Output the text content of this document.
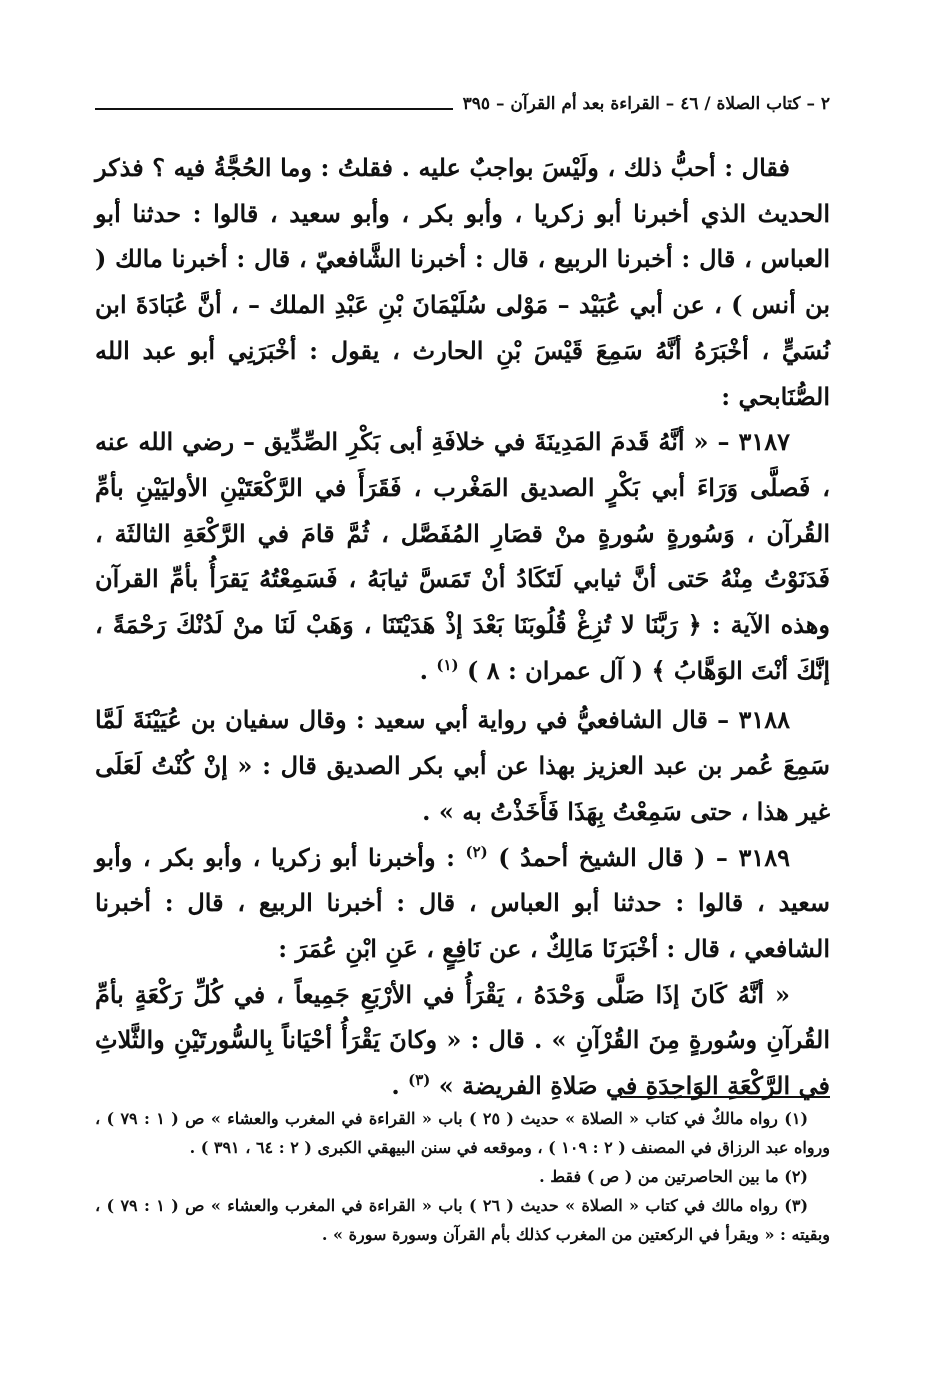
٢ – كتاب الصلاة / ٤٦ – القراءة بعد أم القرآن – ٣٩٥

فقال : أحبُّ ذلك ، ولَيْسَ بواجبٌ عليه . فقلتُ : وما الحُجَّةُ فيه ؟ فذكر الحديث الذي أخبرنا أبو زكريا ، وأبو بكر ، وأبو سعيد ، قالوا : حدثنا أبو العباس ، قال : أخبرنا الربيع ، قال : أخبرنا الشَّافعيّ ، قال : أخبرنا مالك ( بن أنس ) ، عن أبي عُبَيْد – مَوْلى سُلَيْمَانَ بْنِ عَبْدِ الملك – ، أنَّ عُبَادَةَ ابن نُسَيٍّ ، أخْبَرَهُ أنَّهُ سَمِعَ قَيْسَ بْنِ الحارث ، يقول : أخْبَرَنِي أبو عبد الله الصُّنَابحي :

٣١٨٧ – « أنَّهُ قَدمَ المَدِينَةَ في خلافَةِ أبى بَكْرِ الصِّدِّيق – رضي الله عنه ، فَصلَّى وَرَاءَ أبي بَكْرٍ الصديق المَغْرب ، فَقَرَأَ في الرَّكْعَتَيْنِ الأوليَيْنِ بأمِّ القُرآن ، وَسُورةٍ سُورةٍ منْ قصَارِ المُفَصَّل ، ثُمَّ قامَ في الرَّكْعَةِ الثالثَة ، فَدَنَوْتُ مِنْهُ حَتى أنَّ ثيابي لَتَكَادُ أنْ تَمَسَّ ثيابَهُ ، فَسَمِعْتُهُ يَقرَأُ بأمِّ القرآن وهذه الآية : ﴿ رَبَّنَا لا تُزِغْ قُلُوبَنَا بَعْدَ إذْ هَدَيْتَنَا ، وَهَبْ لَنَا منْ لَدُنْكَ رَحْمَةً ، إنَّكَ أنْتَ الوَهَّابُ ﴾ ( آل عمران : ٨ ) $^{(١)}$ .

٣١٨٨ – قال الشافعيُّ في رواية أبي سعيد : وقال سفيان بن عُيَيْنَةَ لَمَّا سَمِعَ عُمر بن عبد العزيز بهذا عن أبي بكر الصديق قال : « إنْ كُنْتُ لَعَلَى غير هذا ، حتى سَمِعْتُ بِهَذَا فَأَخَذْتُ به » .

٣١٨٩ – ( قال الشيخ أحمدُ ) $^{(٢)}$ : وأخبرنا أبو زكريا ، وأبو بكر ، وأبو سعيد ، قالوا : حدثنا أبو العباس ، قال : أخبرنا الربيع ، قال : أخبرنا الشافعي ، قال : أخْبَرَنَا مَالِكٌ ، عن نَافِعٍ ، عَنِ ابْنِ عُمَرَ :

« أنَّهُ كَانَ إذَا صَلَّى وَحْدَهُ ، يَقْرَأُ في الأرْبَعِ جَمِيعاً ، في كُلِّ رَكْعَةٍ بأمِّ القُرآنِ وسُورةٍ مِنَ القُرْآنِ » . قال : « وكانَ يَقْرَأُ أحْيَاناً بِالسُّورتَيْنِ والثَّلاثِ في الرَّكْعَةِ الوَاحِدَةِ في صَلاةِ الفريضة » $^{(٣)}$ .

(١) رواه مالكٌ في كتاب « الصلاة » حديث ( ٢٥ ) باب « القراءة في المغرب والعشاء » ص ( ١ : ٧٩ ) ، ورواه عبد الرزاق في المصنف ( ٢ : ١٠٩ ) ، وموقعه في سنن البيهقي الكبرى ( ٢ : ٦٤ ، ٣٩١ ) .

(٢) ما بين الحاصرتين من ( ص ) فقط .

(٣) رواه مالك في كتاب « الصلاة » حديث ( ٢٦ ) باب « القراءة في المغرب والعشاء » ص ( ١ : ٧٩ ) ، وبقيته : « ويقرأ في الركعتين من المغرب كذلك بأم القرآن وسورة سورة » .
